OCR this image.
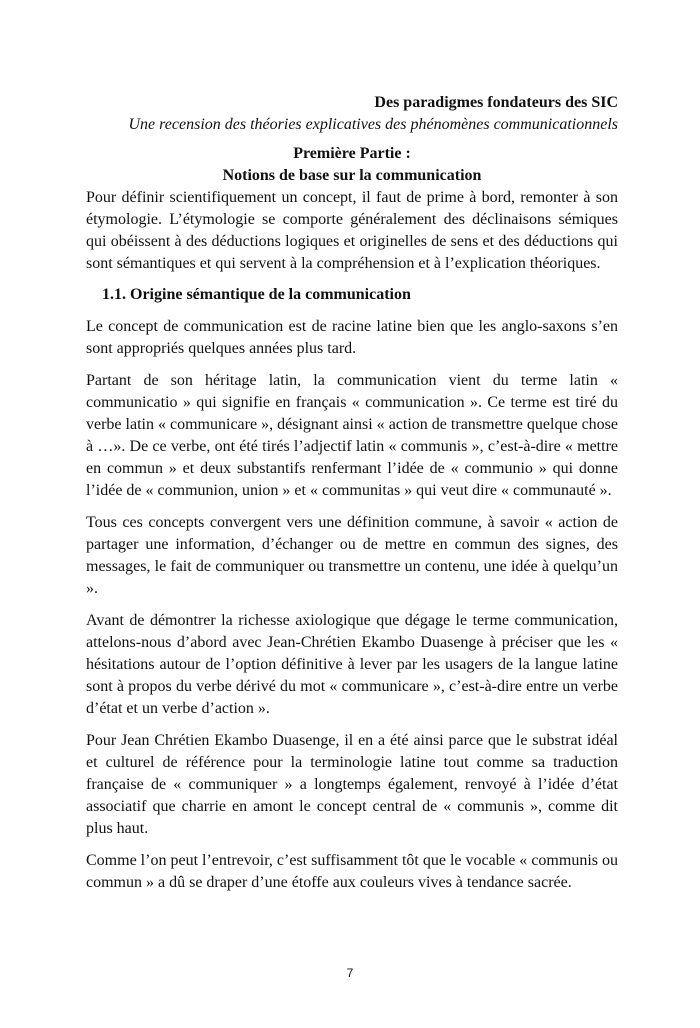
Des paradigmes fondateurs des SIC

Une recension des théories explicatives des phénomènes communicationnels

Première Partie :
Notions de base sur la communication

Pour définir scientifiquement un concept, il faut de prime à bord, remonter à son étymologie. L’étymologie se comporte généralement des déclinaisons sémiques qui obéissent à des déductions logiques et originelles de sens et des déductions qui sont sémantiques et qui servent à la compréhension et à l’explication théoriques.

1.1. Origine sémantique de la communication

Le concept de communication est de racine latine bien que les anglo-saxons s’en sont appropriés quelques années plus tard.

Partant de son héritage latin, la communication vient du terme latin « communicatio » qui signifie en français « communication ». Ce terme est tiré du verbe latin « communicare », désignant ainsi « action de transmettre quelque chose à …». De ce verbe, ont été tirés l’adjectif latin « communis », c’est-à-dire « mettre en commun » et deux substantifs renfermant l’idée de « communio » qui donne l’idée de « communion, union » et « communitas » qui veut dire « communauté ».

Tous ces concepts convergent vers une définition commune, à savoir « action de partager une information, d’échanger ou de mettre en commun des signes, des messages, le fait de communiquer ou transmettre un contenu, une idée à quelqu’un ».

Avant de démontrer la richesse axiologique que dégage le terme communication, attelons-nous d’abord avec Jean-Chrétien Ekambo Duasenge à préciser que les « hésitations autour de l’option définitive à lever par les usagers de la langue latine sont à propos du verbe dérivé du mot « communicare », c’est-à-dire entre un verbe d’état et un verbe d’action ».

Pour Jean Chrétien Ekambo Duasenge, il en a été ainsi parce que le substrat idéal et culturel de référence pour la terminologie latine tout comme sa traduction française de « communiquer » a longtemps également, renvoyé à l’idée d’état associatif que charrie en amont le concept central de « communis », comme dit plus haut.

Comme l’on peut l’entrevoir, c’est suffisamment tôt que le vocable « communis ou commun » a dû se draper d’une étoffe aux couleurs vives à tendance sacrée.

7
